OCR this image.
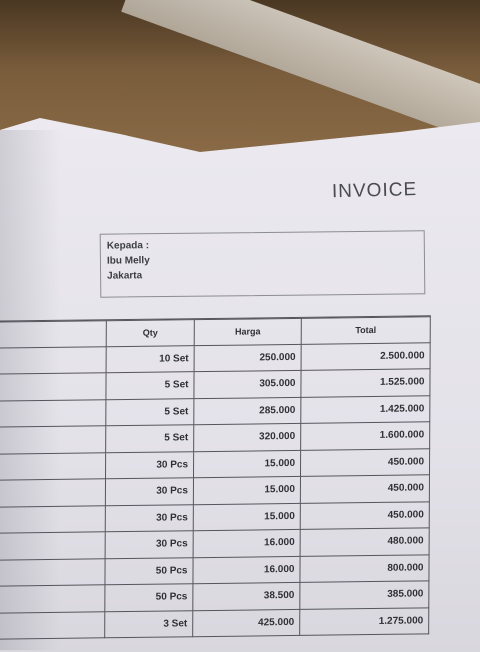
INVOICE
Kepada :
Ibu Melly
Jakarta
Qty	Harga	Total
10 Set	250.000	2.500.000
5 Set	305.000	1.525.000
5 Set	285.000	1.425.000
5 Set	320.000	1.600.000
30 Pcs	15.000	450.000
30 Pcs	15.000	450.000
30 Pcs	15.000	450.000
30 Pcs	16.000	480.000
50 Pcs	16.000	800.000
50 Pcs	38.500	385.000
3 Set	425.000	1.275.000
